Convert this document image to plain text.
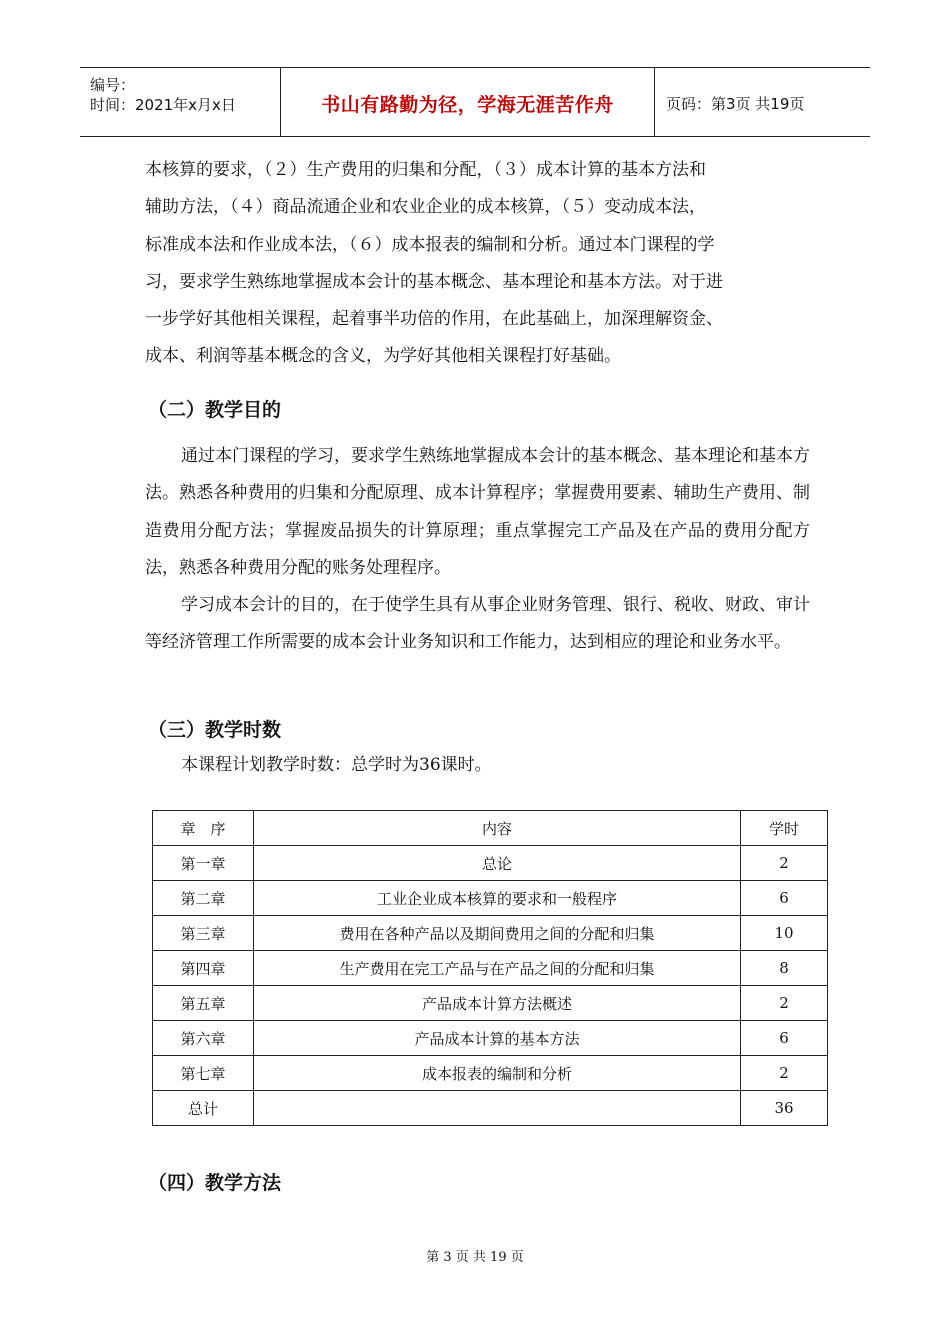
编号：
时间：2021年x月x日	书山有路勤为径，学海无涯苦作舟	页码：第3页 共19页
本核算的要求，（２）生产费用的归集和分配，（３）成本计算的基本方法和
辅助方法，（４）商品流通企业和农业企业的成本核算，（５）变动成本法，
标准成本法和作业成本法，（６）成本报表的编制和分析。通过本门课程的学
习，要求学生熟练地掌握成本会计的基本概念、基本理论和基本方法。对于进
一步学好其他相关课程，起着事半功倍的作用，在此基础上，加深理解资金、
成本、利润等基本概念的含义，为学好其他相关课程打好基础。
（二）教学目的

通过本门课程的学习，要求学生熟练地掌握成本会计的基本概念、基本理论和基本方法。熟悉各种费用的归集和分配原理、成本计算程序；掌握费用要素、辅助生产费用、制造费用分配方法；掌握废品损失的计算原理；重点掌握完工产品及在产品的费用分配方法，熟悉各种费用分配的账务处理程序。

学习成本会计的目的，在于使学生具有从事企业财务管理、银行、税收、财政、审计等经济管理工作所需要的成本会计业务知识和工作能力，达到相应的理论和业务水平。

（三）教学时数

本课程计划教学时数：总学时为36课时。

章　序	内容	学时
第一章	总论	2
第二章	工业企业成本核算的要求和一般程序	6
第三章	费用在各种产品以及期间费用之间的分配和归集	10
第四章	生产费用在完工产品与在产品之间的分配和归集	8
第五章	产品成本计算方法概述	2
第六章	产品成本计算的基本方法	6
第七章	成本报表的编制和分析	2
总计		36
（四）教学方法
第 3 页 共 19 页
